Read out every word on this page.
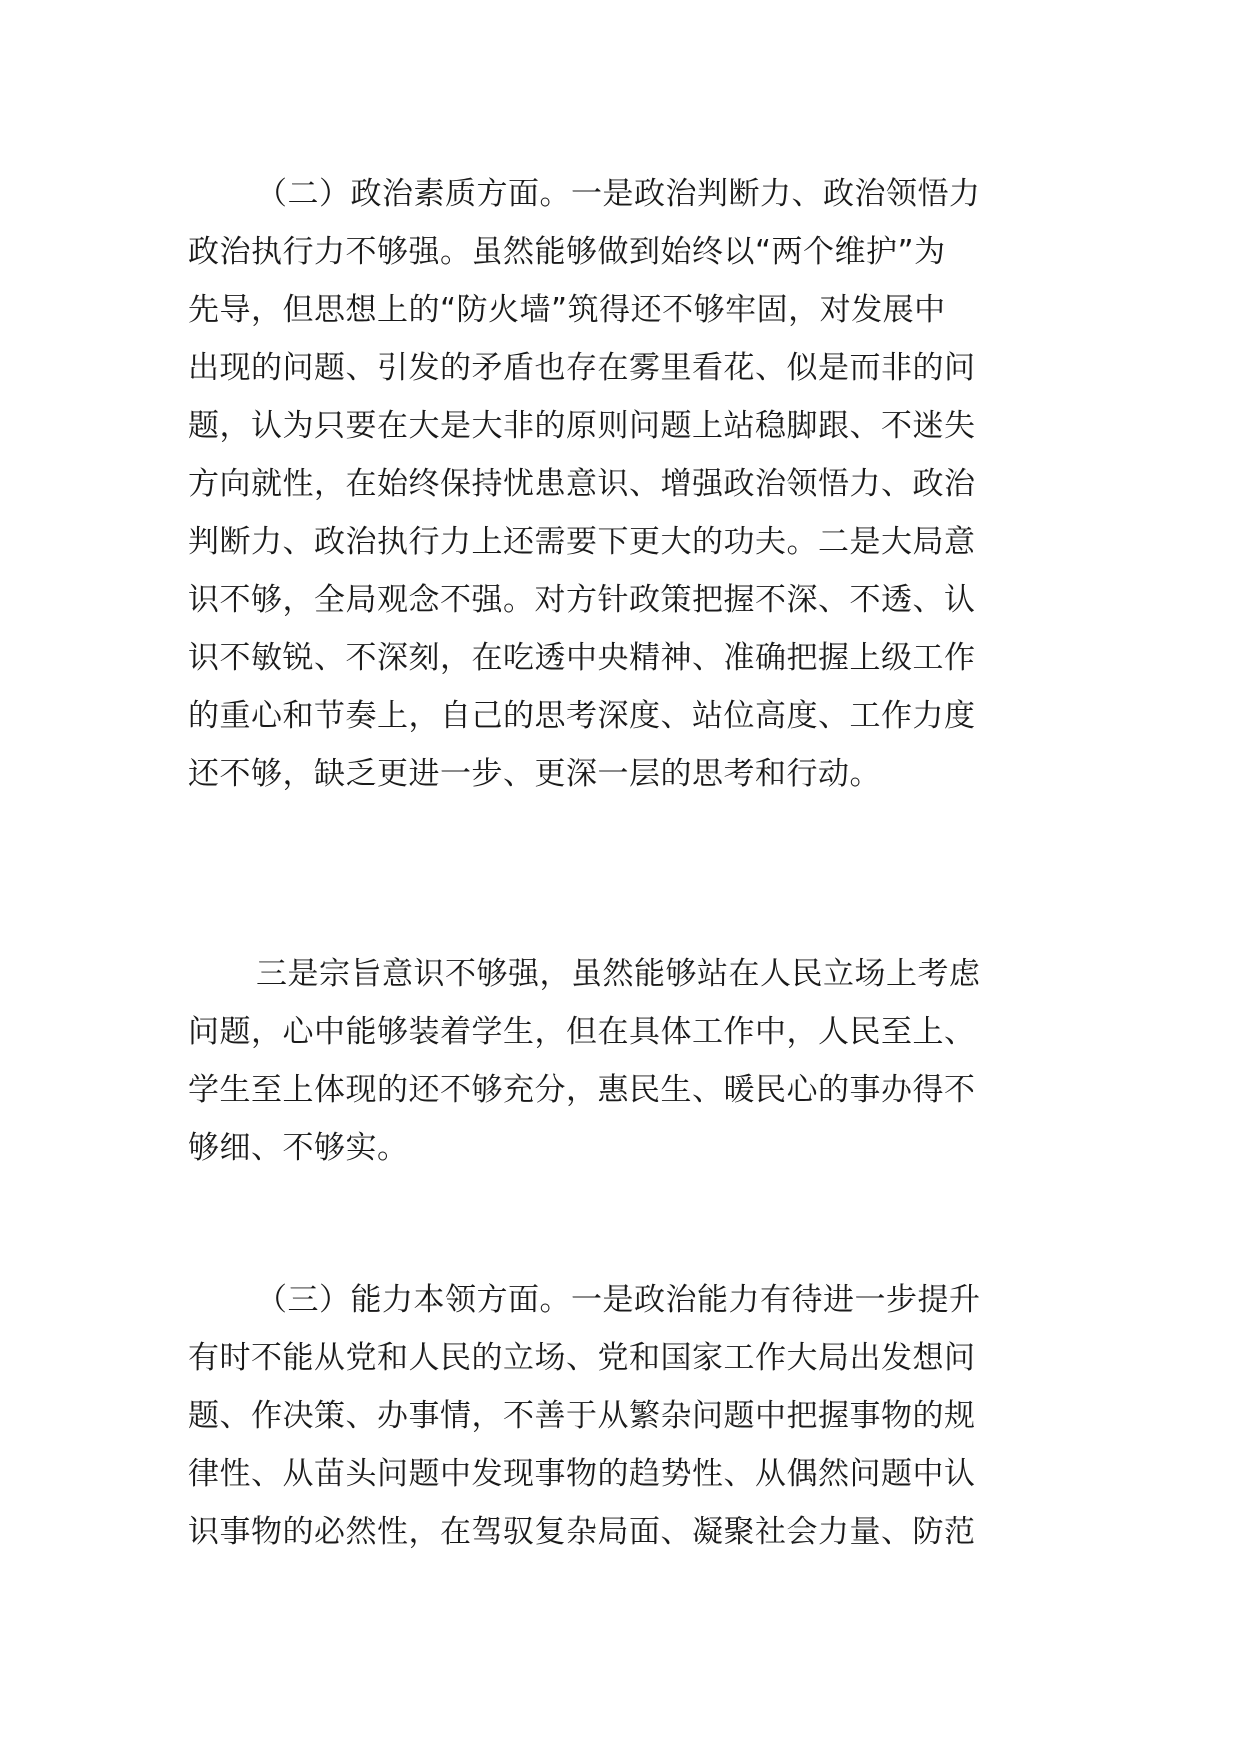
（二）政治素质方面。一是政治判断力、政治领悟力
政治执行力不够强。虽然能够做到始终以“两个维护”为
先导，但思想上的“防火墙”筑得还不够牢固，对发展中
出现的问题、引发的矛盾也存在雾里看花、似是而非的问
题，认为只要在大是大非的原则问题上站稳脚跟、不迷失
方向就性，在始终保持忧患意识、增强政治领悟力、政治
判断力、政治执行力上还需要下更大的功夫。二是大局意
识不够，全局观念不强。对方针政策把握不深、不透、认
识不敏锐、不深刻，在吃透中央精神、准确把握上级工作
的重心和节奏上，自己的思考深度、站位高度、工作力度
还不够，缺乏更进一步、更深一层的思考和行动。
三是宗旨意识不够强，虽然能够站在人民立场上考虑
问题，心中能够装着学生，但在具体工作中，人民至上、
学生至上体现的还不够充分，惠民生、暖民心的事办得不
够细、不够实。
（三）能力本领方面。一是政治能力有待进一步提升
有时不能从党和人民的立场、党和国家工作大局出发想问
题、作决策、办事情，不善于从繁杂问题中把握事物的规
律性、从苗头问题中发现事物的趋势性、从偶然问题中认
识事物的必然性，在驾驭复杂局面、凝聚社会力量、防范
